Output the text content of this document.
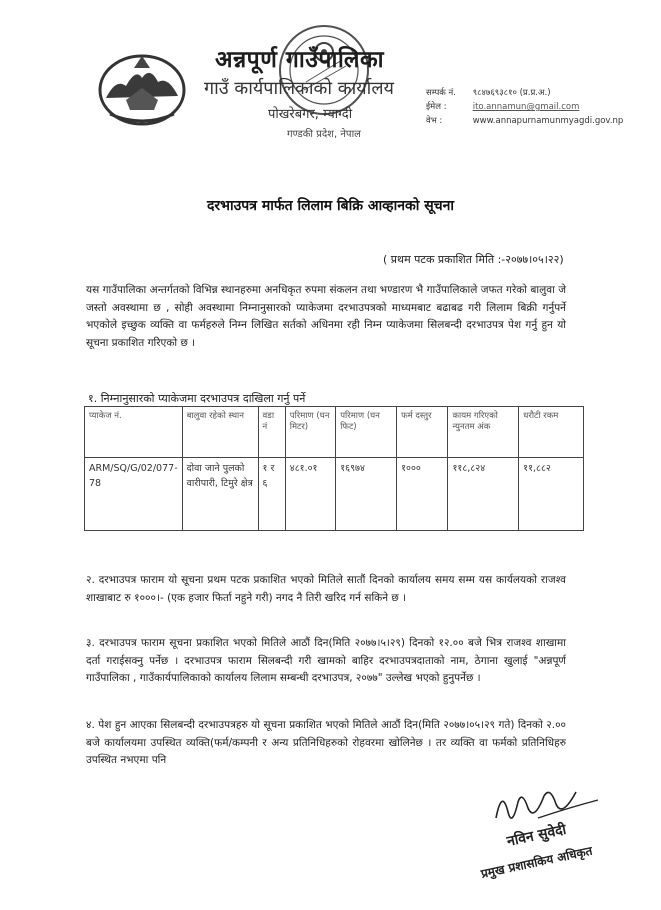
अन्नपूर्ण गाउँपालिका
गाउँ कार्यपालिकाको कार्यालय
पोखरेबगर, म्याग्दी
गण्डकी प्रदेश, नेपाल
सम्पर्क नं. ९८४७६९३८१० (प्र.प्र.अ.)
ईमेल :	ito.annamun@gmail.com
वेभ :	www.annapurnamunmyagdi.gov.np
दरभाउपत्र मार्फत लिलाम बिक्रि आव्हानको सूचना
( प्रथम पटक प्रकाशित मिति :-२०७७।०५।२२)
यस गाउँपालिका अन्तर्गतको विभिन्न स्थानहरुमा अनधिकृत रुपमा संकलन तथा भण्डारण भै गाउँपालिकाले जफत गरेको बालुवा जे जस्तो अवस्थामा छ , सोही अवस्थामा निम्नानुसारको प्याकेजमा दरभाउपत्रको माध्यमबाट बढाबढ गरी लिलाम बिक्री गर्नुपर्ने भएकोले इच्छुक व्यक्ति वा फर्महरुले निम्न लिखित सर्तको अधिनमा रही निम्न प्याकेजमा सिलबन्दी दरभाउपत्र पेश गर्नु हुन यो सूचना प्रकाशित गरिएको छ ।
१. निम्नानुसारको प्याकेजमा दरभाउपत्र दाखिला गर्नु पर्ने
प्याकेज नं.	बालुवा रहेको स्थान	वडा नं	परिमाण (घन मिटर)	परिमाण (घन फिट)	फर्म दस्तुर	कायम गरिएको न्युनतम अंक	धरौटी रकम
ARM/SQ/G/02/077-78	दोवा जाने पुलको वारीपारी, टिमुरे क्षेत्र	१ र ६	४८१.०१	१६९७४	१०००	११८,८२४	११,८८२
२. दरभाउपत्र फाराम यो सूचना प्रथम पटक प्रकाशित भएको मितिले सातौं दिनको कार्यालय समय सम्म यस कार्यलयको राजश्व शाखाबाट रु १०००।- (एक हजार फिर्ता नहुने गरी) नगद नै तिरी खरिद गर्न सकिने छ ।
३. दरभाउपत्र फाराम सूचना प्रकाशित भएको मितिले आठौं दिन(मिति २०७७।५।२९) दिनको १२.०० बजे भित्र राजश्व शाखामा दर्ता गराईसक्नु पर्नेछ । दरभाउपत्र फाराम सिलबन्दी गरी खामको बाहिर दरभाउपत्रदाताको नाम, ठेगाना खुलाई "अन्नपूर्ण गाउँपालिका , गाउँकार्यपालिकाको कार्यालय लिलाम सम्बन्धी दरभाउपत्र, २०७७" उल्लेख भएको हुनुपर्नेछ ।
४. पेश हुन आएका सिलबन्दी दरभाउपत्रहरु यो सूचना प्रकाशित भएको मितिले आठौं दिन(मिति २०७७।०५।२९ गते) दिनको २.०० बजे कार्यालयमा उपस्थित व्यक्ति(फर्म/कम्पनी र अन्य प्रतिनिधिहरुको रोहवरमा खोलिनेछ । तर व्यक्ति वा फर्मको प्रतिनिधिहरु उपस्थित नभएमा पनि
नविन सुवेदी
प्रमुख प्रशासकिय अधिकृत
